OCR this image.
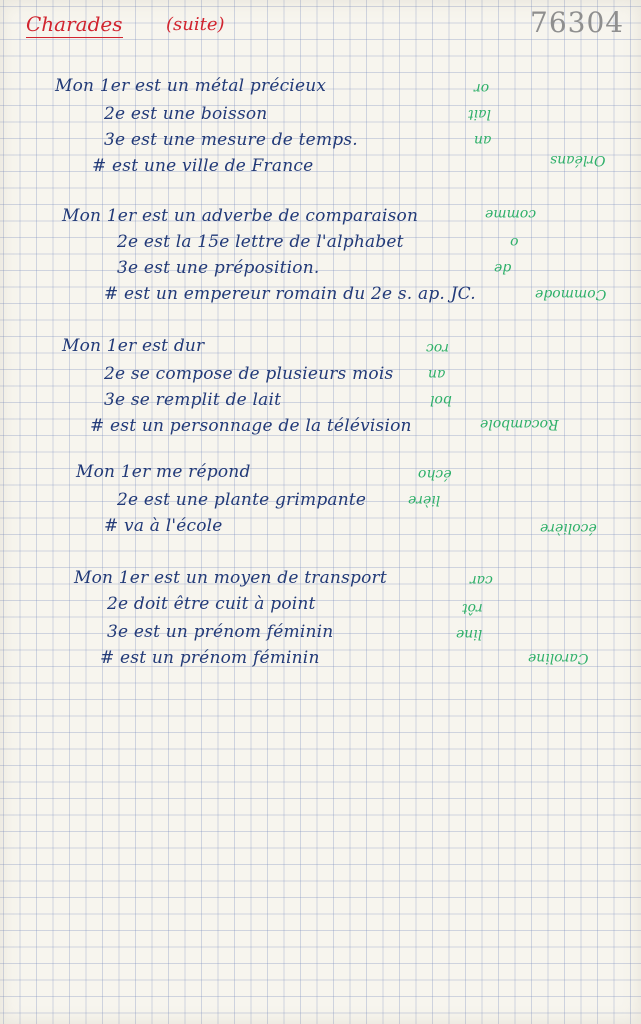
Charades (suite)	76304
Mon 1er est un métal précieux
2e est une boisson
3e est une mesure de temps.
# est une ville de France
or
lait
an
Orléans
Mon 1er est un adverbe de comparaison
2e est la 15e lettre de l'alphabet
3e est une préposition.
# est un empereur romain du 2e s. ap. JC.
comme
o
de
Commode
Mon 1er est dur
2e se compose de plusieurs mois
3e se remplit de lait
# est un personnage de la télévision
roc
an
bol
Rocambole
Mon 1er me répond
2e est une plante grimpante
# va à l'école
écho
lière
écolière
Mon 1er est un moyen de transport
2e doit être cuit à point
3e est un prénom féminin
# est un prénom féminin
car
rôt
line
Caroline
